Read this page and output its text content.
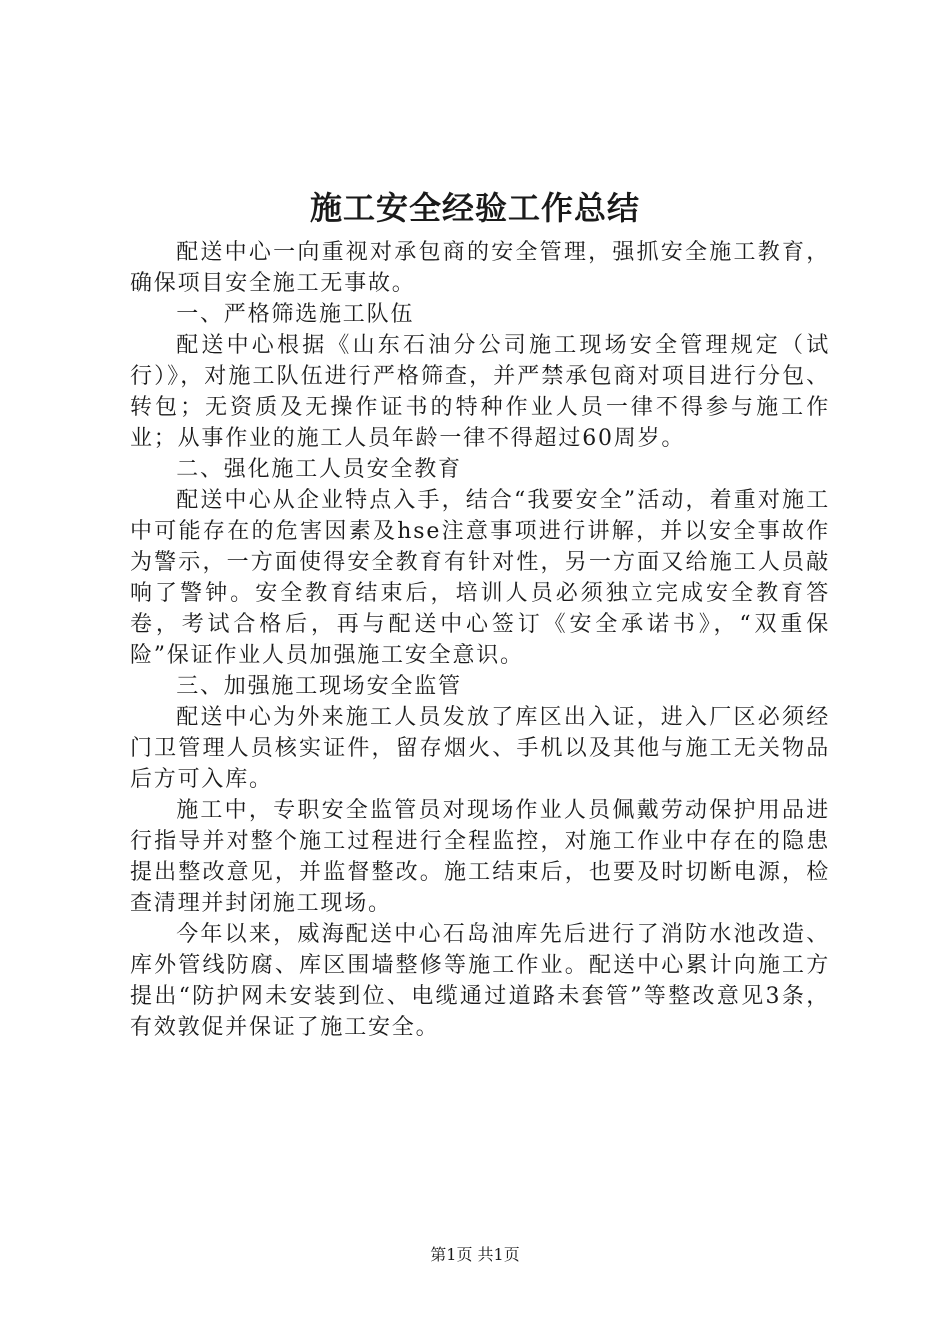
施工安全经验工作总结

配送中心一向重视对承包商的安全管理，强抓安全施工教育，确保项目安全施工无事故。

一、严格筛选施工队伍

配送中心根据《山东石油分公司施工现场安全管理规定（试行）》，对施工队伍进行严格筛查，并严禁承包商对项目进行分包、转包；无资质及无操作证书的特种作业人员一律不得参与施工作业；从事作业的施工人员年龄一律不得超过60周岁。

二、强化施工人员安全教育

配送中心从企业特点入手，结合“我要安全”活动，着重对施工中可能存在的危害因素及hse注意事项进行讲解，并以安全事故作为警示，一方面使得安全教育有针对性，另一方面又给施工人员敲响了警钟。安全教育结束后，培训人员必须独立完成安全教育答卷，考试合格后，再与配送中心签订《安全承诺书》，“双重保险”保证作业人员加强施工安全意识。

三、加强施工现场安全监管

配送中心为外来施工人员发放了库区出入证，进入厂区必须经门卫管理人员核实证件，留存烟火、手机以及其他与施工无关物品后方可入库。

施工中，专职安全监管员对现场作业人员佩戴劳动保护用品进行指导并对整个施工过程进行全程监控，对施工作业中存在的隐患提出整改意见，并监督整改。施工结束后，也要及时切断电源，检查清理并封闭施工现场。

今年以来，威海配送中心石岛油库先后进行了消防水池改造、库外管线防腐、库区围墙整修等施工作业。配送中心累计向施工方提出“防护网未安装到位、电缆通过道路未套管”等整改意见3条，有效敦促并保证了施工安全。

第1页 共1页
